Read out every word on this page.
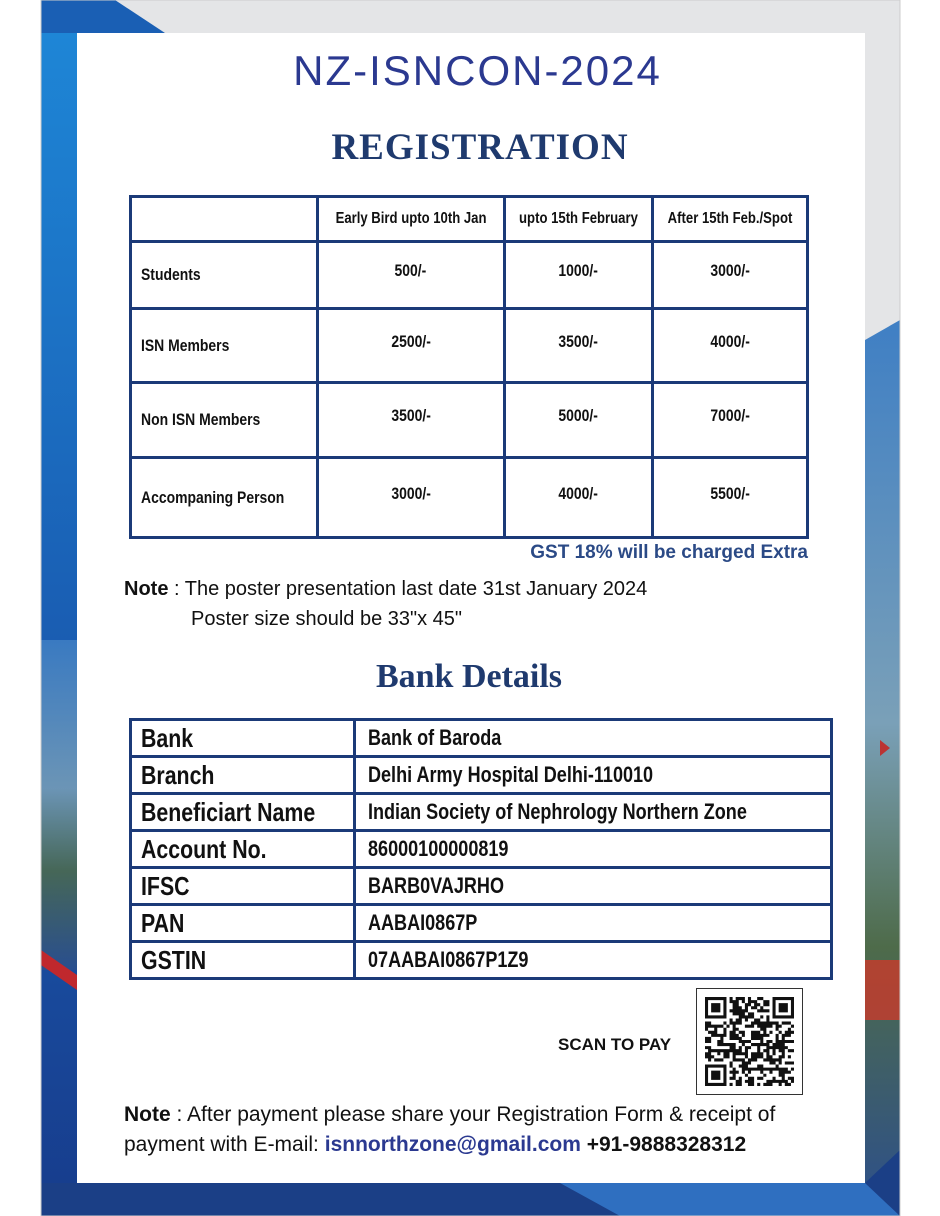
NZ-ISNCON-2024
REGISTRATION
	Early Bird upto 10th Jan	upto 15th February	After 15th Feb./Spot
Students	500/-	1000/-	3000/-
ISN Members	2500/-	3500/-	4000/-
Non ISN Members	3500/-	5000/-	7000/-
Accompaning Person	3000/-	4000/-	5500/-
GST 18% will be charged Extra
Note : The poster presentation last date 31st January 2024
Poster size should be 33"x 45"
Bank Details
Bank	Bank of Baroda
Branch	Delhi Army Hospital Delhi-110010
Beneficiart Name	Indian Society of Nephrology Northern Zone
Account No.	86000100000819
IFSC	BARB0VAJRHO
PAN	AABAI0867P
GSTIN	07AABAI0867P1Z9
SCAN TO PAY
Note : After payment please share your Registration Form & receipt of payment with E-mail: isnnorthzone@gmail.com +91-9888328312
